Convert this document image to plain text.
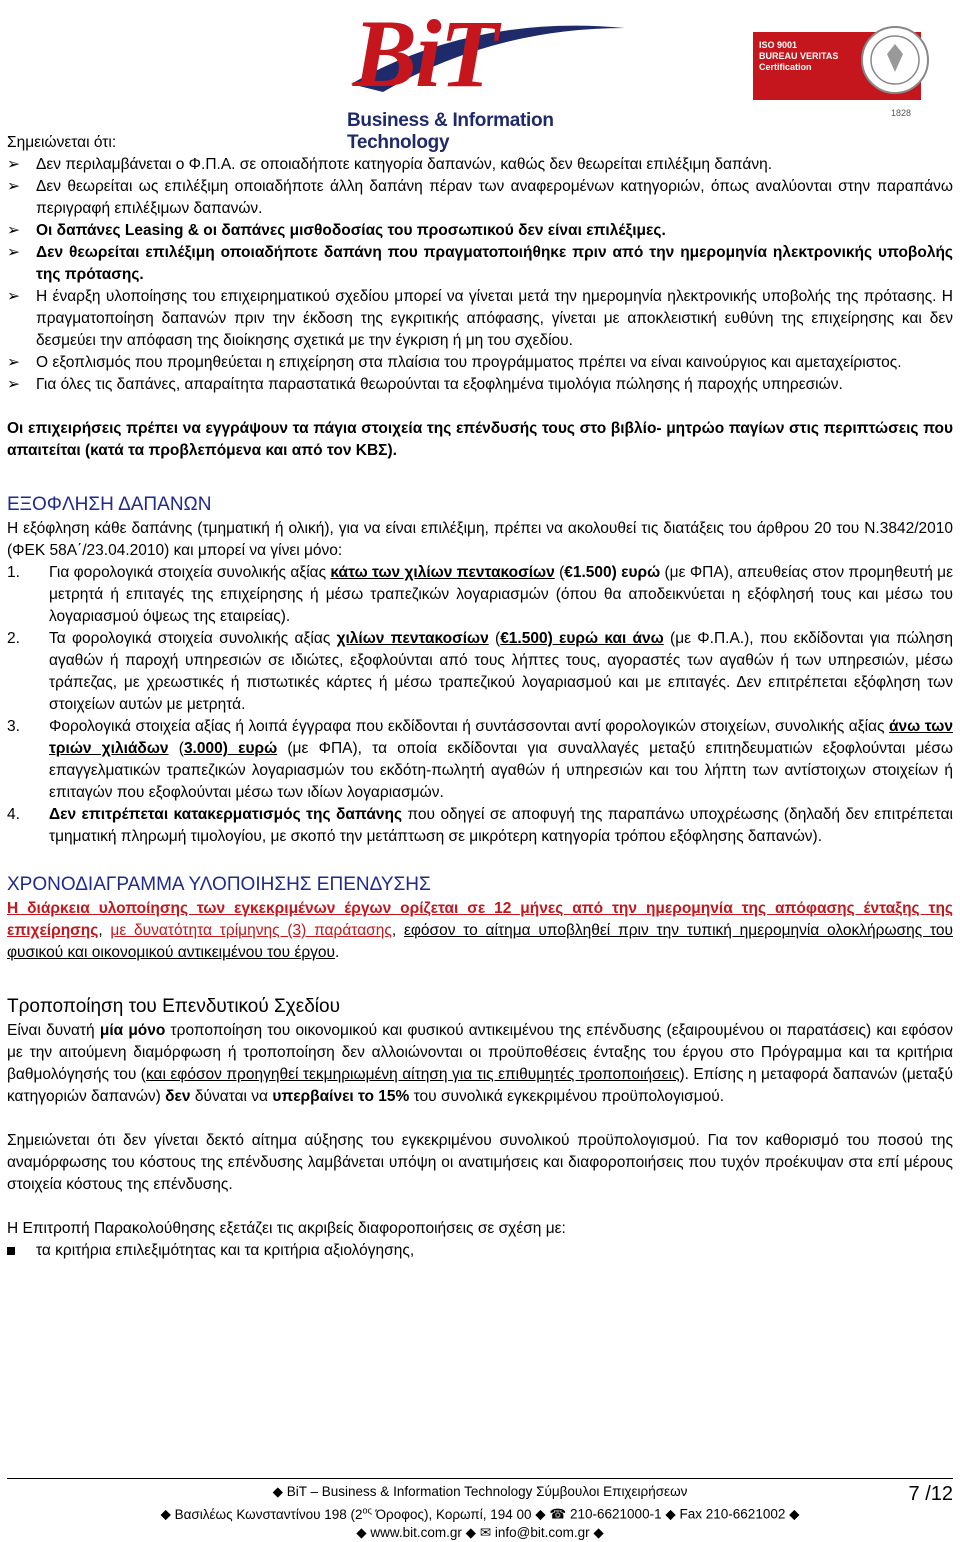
BiT
Business & Information Technology
ISO 9001
BUREAU VERITAS
Certification
1828

Σημειώνεται ότι:

➢	Δεν περιλαμβάνεται ο Φ.Π.Α. σε οποιαδήποτε κατηγορία δαπανών, καθώς δεν θεωρείται επιλέξιμη δαπάνη.
➢	Δεν θεωρείται ως επιλέξιμη οποιαδήποτε άλλη δαπάνη πέραν των αναφερομένων κατηγοριών, όπως αναλύονται στην παραπάνω περιγραφή επιλέξιμων δαπανών.
➢	Οι δαπάνες Leasing & οι δαπάνες μισθοδοσίας του προσωπικού δεν είναι επιλέξιμες.
➢	Δεν θεωρείται επιλέξιμη οποιαδήποτε δαπάνη που πραγματοποιήθηκε πριν από την ημερομηνία ηλεκτρονικής υποβολής της πρότασης.
➢	Η έναρξη υλοποίησης του επιχειρηματικού σχεδίου μπορεί να γίνεται μετά την ημερομηνία ηλεκτρονικής υποβολής της πρότασης. Η πραγματοποίηση δαπανών πριν την έκδοση της εγκριτικής απόφασης, γίνεται με αποκλειστική ευθύνη της επιχείρησης και δεν δεσμεύει την απόφαση της διοίκησης σχετικά με την έγκριση ή μη του σχεδίου.
➢	Ο εξοπλισμός που προμηθεύεται η επιχείρηση στα πλαίσια του προγράμματος πρέπει να είναι καινούργιος και αμεταχείριστος.
➢	Για όλες τις δαπάνες, απαραίτητα παραστατικά θεωρούνται τα εξοφλημένα τιμολόγια πώλησης ή παροχής υπηρεσιών.

Οι επιχειρήσεις πρέπει να εγγράψουν τα πάγια στοιχεία της επένδυσής τους στο βιβλίο- μητρώο παγίων στις περιπτώσεις που απαιτείται (κατά τα προβλεπόμενα και από τον ΚΒΣ).

ΕΞΟΦΛΗΣΗ ΔΑΠΑΝΩΝ

Η εξόφληση κάθε δαπάνης (τμηματική ή ολική), για να είναι επιλέξιμη, πρέπει να ακολουθεί τις διατάξεις του άρθρου 20 του Ν.3842/2010 (ΦΕΚ 58Α΄/23.04.2010) και μπορεί να γίνει μόνο:

1. Για φορολογικά στοιχεία συνολικής αξίας κάτω των χιλίων πεντακοσίων (€1.500) ευρώ (με ΦΠΑ), απευθείας στον προμηθευτή με μετρητά ή επιταγές της επιχείρησης ή μέσω τραπεζικών λογαριασμών (όπου θα αποδεικνύεται η εξόφλησή τους και μέσω του λογαριασμού όψεως της εταιρείας).
2. Τα φορολογικά στοιχεία συνολικής αξίας χιλίων πεντακοσίων (€1.500) ευρώ και άνω (με Φ.Π.Α.), που εκδίδονται για πώληση αγαθών ή παροχή υπηρεσιών σε ιδιώτες, εξοφλούνται από τους λήπτες τους, αγοραστές των αγαθών ή των υπηρεσιών, μέσω τράπεζας, με χρεωστικές ή πιστωτικές κάρτες ή μέσω τραπεζικού λογαριασμού και με επιταγές. Δεν επιτρέπεται εξόφληση των στοιχείων αυτών με μετρητά.
3. Φορολογικά στοιχεία αξίας ή λοιπά έγγραφα που εκδίδονται ή συντάσσονται αντί φορολογικών στοιχείων, συνολικής αξίας άνω των τριών χιλιάδων (3.000) ευρώ (με ΦΠΑ), τα οποία εκδίδονται για συναλλαγές μεταξύ επιτηδευματιών εξοφλούνται μέσω επαγγελματικών τραπεζικών λογαριασμών του εκδότη-πωλητή αγαθών ή υπηρεσιών και του λήπτη των αντίστοιχων στοιχείων ή επιταγών που εξοφλούνται μέσω των ιδίων λογαριασμών.
4. Δεν επιτρέπεται κατακερματισμός της δαπάνης που οδηγεί σε αποφυγή της παραπάνω υποχρέωσης (δηλαδή δεν επιτρέπεται τμηματική πληρωμή τιμολογίου, με σκοπό την μετάπτωση σε μικρότερη κατηγορία τρόπου εξόφλησης δαπανών).
ΧΡΟΝΟΔΙΑΓΡΑΜΜΑ ΥΛΟΠΟΙΗΣΗΣ ΕΠΕΝΔΥΣΗΣ

Η διάρκεια υλοποίησης των εγκεκριμένων έργων ορίζεται σε 12 μήνες από την ημερομηνία της απόφασης ένταξης της επιχείρησης, με δυνατότητα τρίμηνης (3) παράτασης, εφόσον το αίτημα υποβληθεί πριν την τυπική ημερομηνία ολοκλήρωσης του φυσικού και οικονομικού αντικειμένου του έργου.

Τροποποίηση του Επενδυτικού Σχεδίου

Είναι δυνατή μία μόνο τροποποίηση του οικονομικού και φυσικού αντικειμένου της επένδυσης (εξαιρουμένου οι παρατάσεις) και εφόσον με την αιτούμενη διαμόρφωση ή τροποποίηση δεν αλλοιώνονται οι προϋποθέσεις ένταξης του έργου στο Πρόγραμμα και τα κριτήρια βαθμολόγησής του (και εφόσον προηγηθεί τεκμηριωμένη αίτηση για τις επιθυμητές τροποποιήσεις). Επίσης η μεταφορά δαπανών (μεταξύ κατηγοριών δαπανών) δεν δύναται να υπερβαίνει το 15% του συνολικά εγκεκριμένου προϋπολογισμού.

Σημειώνεται ότι δεν γίνεται δεκτό αίτημα αύξησης του εγκεκριμένου συνολικού προϋπολογισμού. Για τον καθορισμό του ποσού της αναμόρφωσης του κόστους της επένδυσης λαμβάνεται υπόψη οι ανατιμήσεις και διαφοροποιήσεις που τυχόν προέκυψαν στα επί μέρους στοιχεία κόστους της επένδυσης.

Η Επιτροπή Παρακολούθησης εξετάζει τις ακριβείς διαφοροποιήσεις σε σχέση με:

τα κριτήρια επιλεξιμότητας και τα κριτήρια αξιολόγησης,
◆ BiT – Business & Information Technology Σύμβουλοι Επιχειρήσεων
◆ Βασιλέως Κωνσταντίνου 198 ($2^{o\varsigma}$ Όροφος), Κορωπί, 194 00 ◆ ☎ 210-6621000-1 ◆ Fax 210-6621002 ◆
◆ www.bit.com.gr ◆ ✉ info@bit.com.gr ◆
7 /12
